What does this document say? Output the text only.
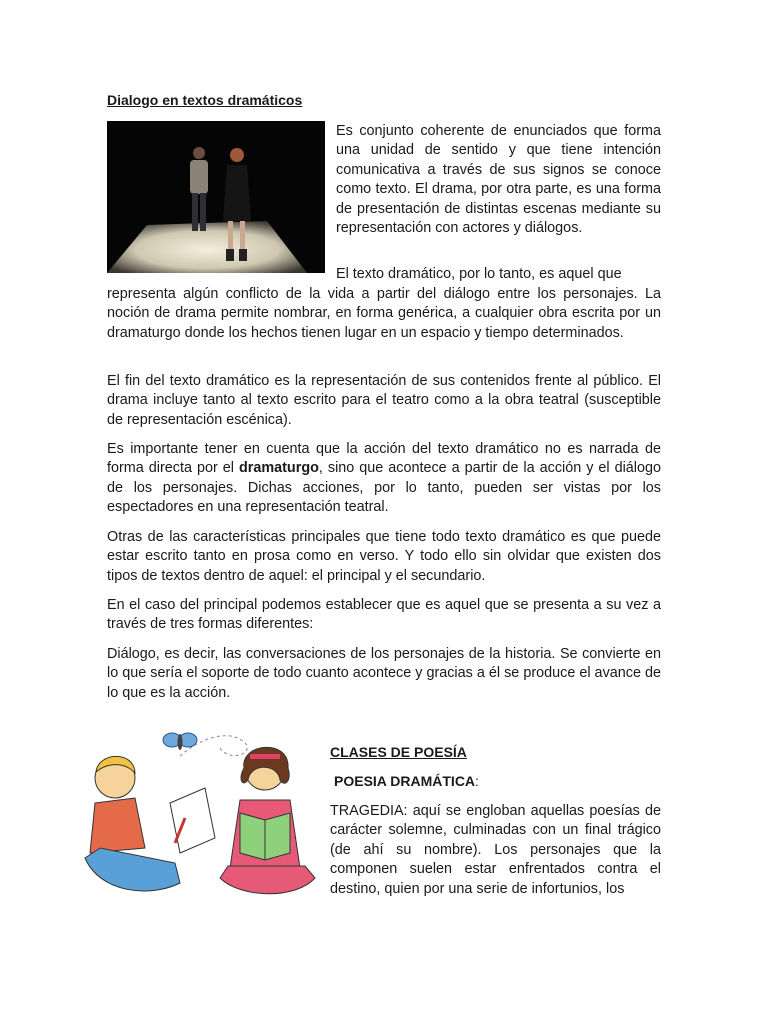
Dialogo en textos dramáticos

Es conjunto coherente de enunciados que forma una unidad de sentido y que tiene intención comunicativa a través de sus signos se conoce como texto. El drama, por otra parte, es una forma de presentación de distintas escenas mediante su representación con actores y diálogos.

El texto dramático, por lo tanto, es aquel que

representa algún conflicto de la vida a partir del diálogo entre los personajes. La noción de drama permite nombrar, en forma genérica, a cualquier obra escrita por un dramaturgo donde los hechos tienen lugar en un espacio y tiempo determinados.

El fin del texto dramático es la representación de sus contenidos frente al público. El drama incluye tanto al texto escrito para el teatro como a la obra teatral (susceptible de representación escénica).

Es importante tener en cuenta que la acción del texto dramático no es narrada de forma directa por el dramaturgo, sino que acontece a partir de la acción y el diálogo de los personajes. Dichas acciones, por lo tanto, pueden ser vistas por los espectadores en una representación teatral.

Otras de las características principales que tiene todo texto dramático es que puede estar escrito tanto en prosa como en verso. Y todo ello sin olvidar que existen dos tipos de textos dentro de aquel: el principal y el secundario.

En el caso del principal podemos establecer que es aquel que se presenta a su vez a través de tres formas diferentes:

Diálogo, es decir, las conversaciones de los personajes de la historia. Se convierte en lo que sería el soporte de todo cuanto acontece y gracias a él se produce el avance de lo que es la acción.

CLASES DE POESÍA
POESIA DRAMÁTICA:

TRAGEDIA: aquí se engloban aquellas poesías de carácter solemne, culminadas con un final trágico (de ahí su nombre). Los personajes que la componen suelen estar enfrentados contra el destino, quien por una serie de infortunios, los
